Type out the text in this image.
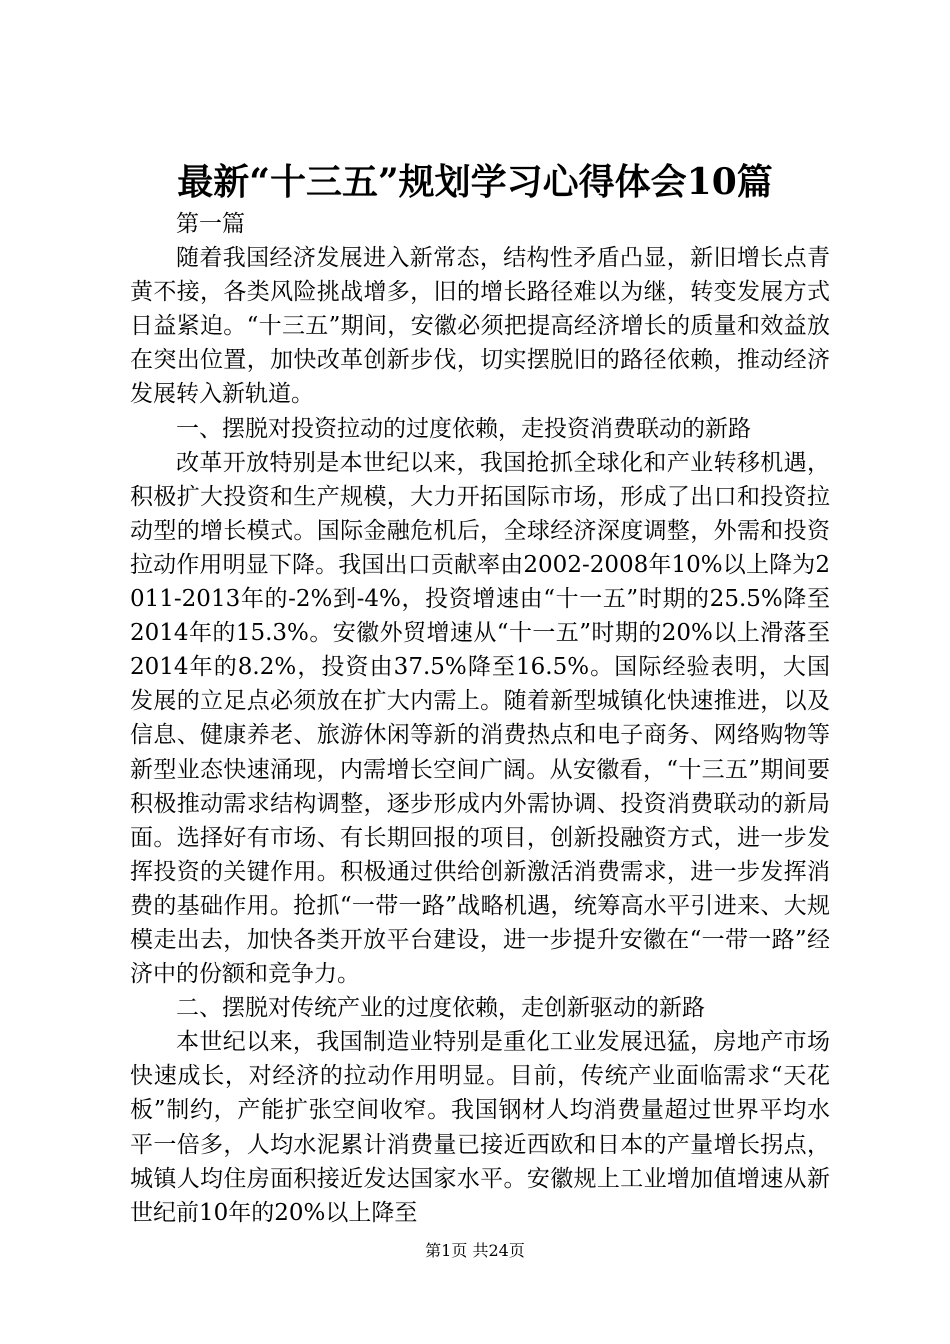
最新“十三五”规划学习心得体会10篇

第一篇

随着我国经济发展进入新常态，结构性矛盾凸显，新旧增长点青黄不接，各类风险挑战增多，旧的增长路径难以为继，转变发展方式日益紧迫。“十三五”期间，安徽必须把提高经济增长的质量和效益放在突出位置，加快改革创新步伐，切实摆脱旧的路径依赖，推动经济发展转入新轨道。

一、摆脱对投资拉动的过度依赖，走投资消费联动的新路

改革开放特别是本世纪以来，我国抢抓全球化和产业转移机遇，积极扩大投资和生产规模，大力开拓国际市场，形成了出口和投资拉动型的增长模式。国际金融危机后，全球经济深度调整，外需和投资拉动作用明显下降。我国出口贡献率由2002-2008年10%以上降为2011-2013年的-2%到-4%，投资增速由“十一五”时期的25.5%降至2014年的15.3%。安徽外贸增速从“十一五”时期的20%以上滑落至2014年的8.2%，投资由37.5%降至16.5%。国际经验表明，大国发展的立足点必须放在扩大内需上。随着新型城镇化快速推进，以及信息、健康养老、旅游休闲等新的消费热点和电子商务、网络购物等新型业态快速涌现，内需增长空间广阔。从安徽看，“十三五”期间要积极推动需求结构调整，逐步形成内外需协调、投资消费联动的新局面。选择好有市场、有长期回报的项目，创新投融资方式，进一步发挥投资的关键作用。积极通过供给创新激活消费需求，进一步发挥消费的基础作用。抢抓“一带一路”战略机遇，统筹高水平引进来、大规模走出去，加快各类开放平台建设，进一步提升安徽在“一带一路”经济中的份额和竞争力。

二、摆脱对传统产业的过度依赖，走创新驱动的新路

本世纪以来，我国制造业特别是重化工业发展迅猛，房地产市场快速成长，对经济的拉动作用明显。目前，传统产业面临需求“天花板”制约，产能扩张空间收窄。我国钢材人均消费量超过世界平均水平一倍多，人均水泥累计消费量已接近西欧和日本的产量增长拐点，城镇人均住房面积接近发达国家水平。安徽规上工业增加值增速从新世纪前10年的20%以上降至

第1页 共24页
